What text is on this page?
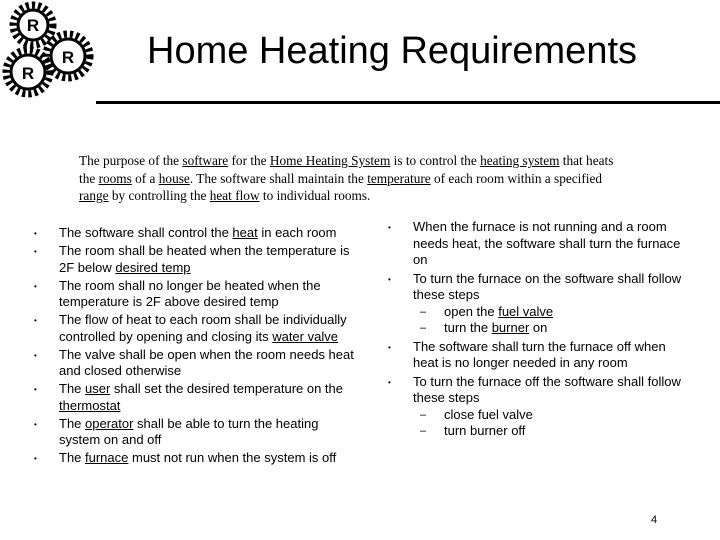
R
R
R Home Heating Requirements
The purpose of the software for the Home Heating System is to control the heating system that heats the rooms of a house. The software shall maintain the temperature of each room within a specified range by controlling the heat flow to individual rooms.
• The software shall control the heat in each room
• The room shall be heated when the temperature is 2F below desired temp
• The room shall no longer be heated when the temperature is 2F above desired temp
• The flow of heat to each room shall be individually controlled by opening and closing its water valve
• The valve shall be open when the room needs heat and closed otherwise
• The user shall set the desired temperature on the thermostat
• The operator shall be able to turn the heating system on and off
• The furnace must not run when the system is off
• When the furnace is not running and a room needs heat, the software shall turn the furnace on
• To turn the furnace on the software shall follow these steps
– open the fuel valve
– turn the burner on
• The software shall turn the furnace off when heat is no longer needed in any room
• To turn the furnace off the software shall follow these steps
– close fuel valve
– turn burner off
4
